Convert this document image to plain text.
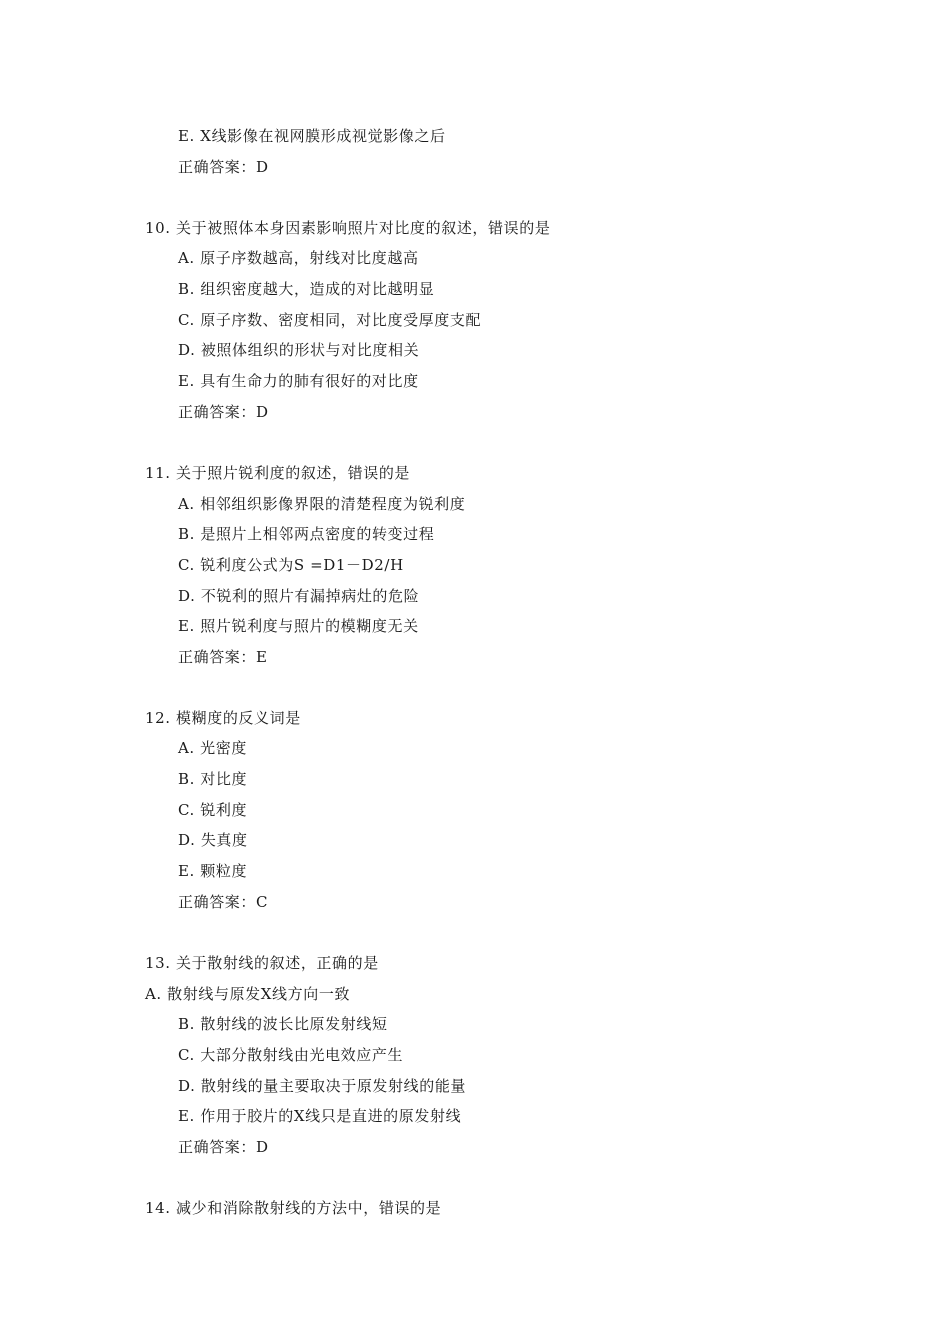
E. X线影像在视网膜形成视觉影像之后
正确答案：D
10. 关于被照体本身因素影响照片对比度的叙述，错误的是
A. 原子序数越高，射线对比度越高
B. 组织密度越大，造成的对比越明显
C. 原子序数、密度相同，对比度受厚度支配
D. 被照体组织的形状与对比度相关
E. 具有生命力的肺有很好的对比度
正确答案：D
11. 关于照片锐利度的叙述，错误的是
A. 相邻组织影像界限的清楚程度为锐利度
B. 是照片上相邻两点密度的转变过程
C. 锐利度公式为S =D1－D2/H
D. 不锐利的照片有漏掉病灶的危险
E. 照片锐利度与照片的模糊度无关
正确答案：E
12. 模糊度的反义词是
A. 光密度
B. 对比度
C. 锐利度
D. 失真度
E. 颗粒度
正确答案：C
13. 关于散射线的叙述，正确的是
A. 散射线与原发X线方向一致
B. 散射线的波长比原发射线短
C. 大部分散射线由光电效应产生
D. 散射线的量主要取决于原发射线的能量
E. 作用于胶片的X线只是直进的原发射线
正确答案：D
14. 减少和消除散射线的方法中，错误的是
